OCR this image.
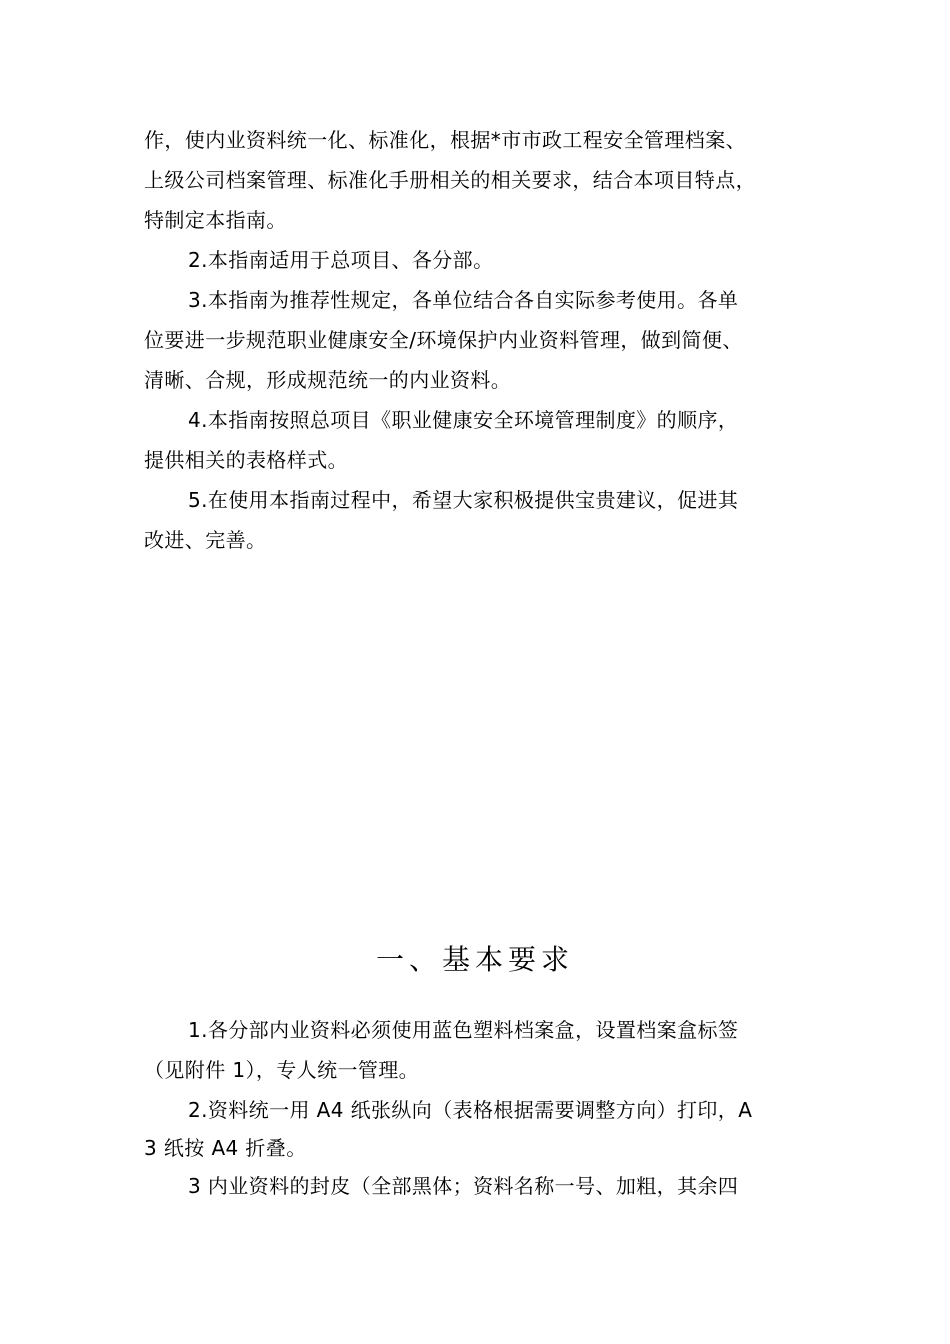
作，使内业资料统一化、标准化，根据*市市政工程安全管理档案、
上级公司档案管理、标准化手册相关的相关要求，结合本项目特点，
特制定本指南。
2.本指南适用于总项目、各分部。
3.本指南为推荐性规定，各单位结合各自实际参考使用。各单
位要进一步规范职业健康安全/环境保护内业资料管理，做到简便、
清晰、合规，形成规范统一的内业资料。
4.本指南按照总项目《职业健康安全环境管理制度》的顺序，
提供相关的表格样式。
5.在使用本指南过程中，希望大家积极提供宝贵建议，促进其
改进、完善。
一、基本要求
1.各分部内业资料必须使用蓝色塑料档案盒，设置档案盒标签
（见附件 1），专人统一管理。
2.资料统一用 A4 纸张纵向（表格根据需要调整方向）打印，A
3 纸按 A4 折叠。
3 内业资料的封皮（全部黑体；资料名称一号、加粗，其余四
